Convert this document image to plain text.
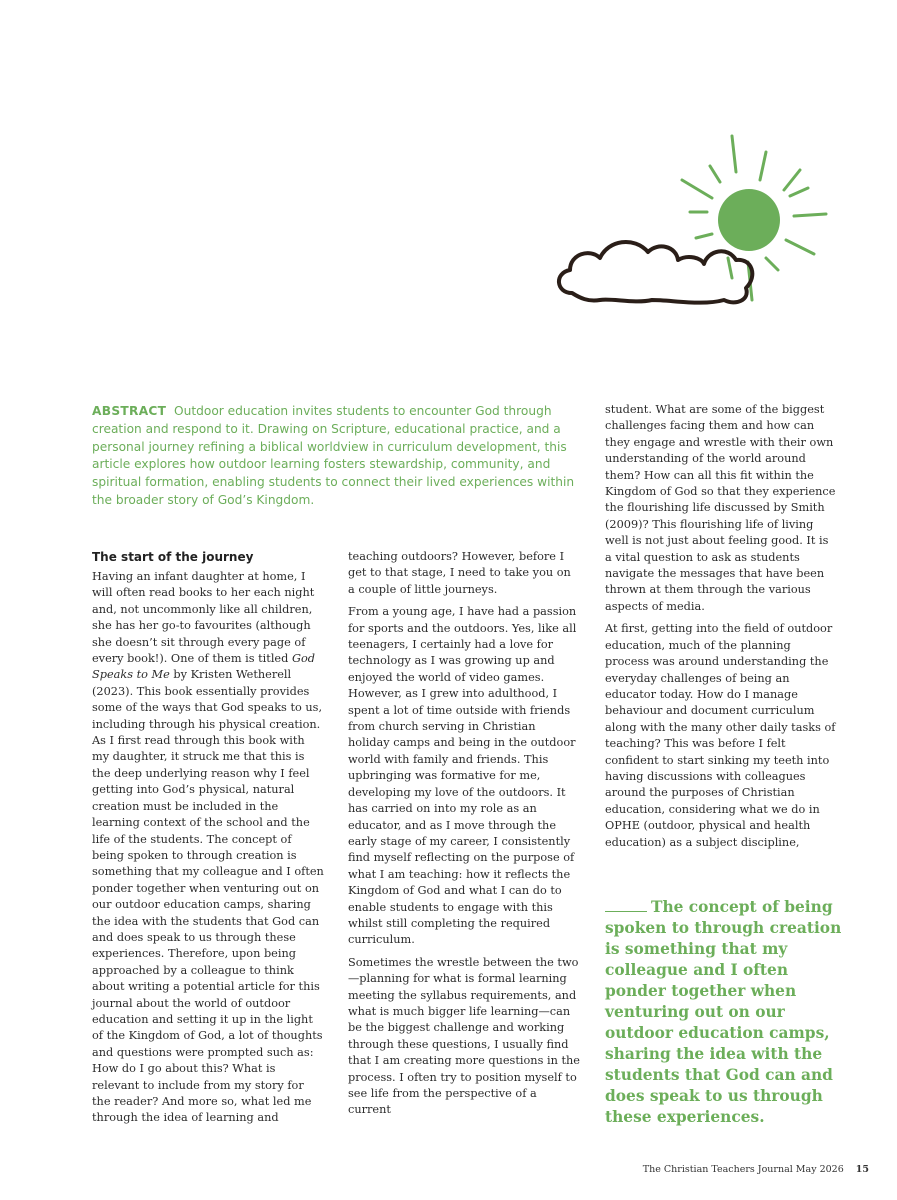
ABSTRACT Outdoor education invites students to encounter God through creation and respond to it. Drawing on Scripture, educational practice, and a personal journey refining a biblical worldview in curriculum development, this article explores how outdoor learning fosters stewardship, community, and spiritual formation, enabling students to connect their lived experiences within the broader story of God’s Kingdom.

The start of the journey

Having an infant daughter at home, I will often read books to her each night and, not uncommonly like all children, she has her go-to favourites (although she doesn’t sit through every page of every book!). One of them is titled God Speaks to Me by Kristen Wetherell (2023). This book essentially provides some of the ways that God speaks to us, including through his physical creation. As I first read through this book with my daughter, it struck me that this is the deep underlying reason why I feel getting into God’s physical, natural creation must be included in the learning context of the school and the life of the students. The concept of being spoken to through creation is something that my colleague and I often ponder together when venturing out on our outdoor education camps, sharing the idea with the students that God can and does speak to us through these experiences. Therefore, upon being approached by a colleague to think about writing a potential article for this journal about the world of outdoor education and setting it up in the light of the Kingdom of God, a lot of thoughts and questions were prompted such as: How do I go about this? What is relevant to include from my story for the reader? And more so, what led me through the idea of learning and

teaching outdoors? However, before I get to that stage, I need to take you on a couple of little journeys.

From a young age, I have had a passion for sports and the outdoors. Yes, like all teenagers, I certainly had a love for technology as I was growing up and enjoyed the world of video games. However, as I grew into adulthood, I spent a lot of time outside with friends from church serving in Christian holiday camps and being in the outdoor world with family and friends. This upbringing was formative for me, developing my love of the outdoors. It has carried on into my role as an educator, and as I move through the early stage of my career, I consistently find myself reflecting on the purpose of what I am teaching: how it reflects the Kingdom of God and what I can do to enable students to engage with this whilst still completing the required curriculum.

Sometimes the wrestle between the two—planning for what is formal learning meeting the syllabus requirements, and what is much bigger life learning—can be the biggest challenge and working through these questions, I usually find that I am creating more questions in the process. I often try to position myself to see life from the perspective of a current

student. What are some of the biggest challenges facing them and how can they engage and wrestle with their own understanding of the world around them? How can all this fit within the Kingdom of God so that they experience the flourishing life discussed by Smith (2009)? This flourishing life of living well is not just about feeling good. It is a vital question to ask as students navigate the messages that have been thrown at them through the various aspects of media.

At first, getting into the field of outdoor education, much of the planning process was around understanding the everyday challenges of being an educator today. How do I manage behaviour and document curriculum along with the many other daily tasks of teaching? This was before I felt confident to start sinking my teeth into having discussions with colleagues around the purposes of Christian education, considering what we do in OPHE (outdoor, physical and health education) as a subject discipline,

The concept of being spoken to through creation is something that my colleague and I often ponder together when venturing out on our outdoor education camps, sharing the idea with the students that God can and does speak to us through these experiences.

The Christian Teachers Journal May 2026 15
